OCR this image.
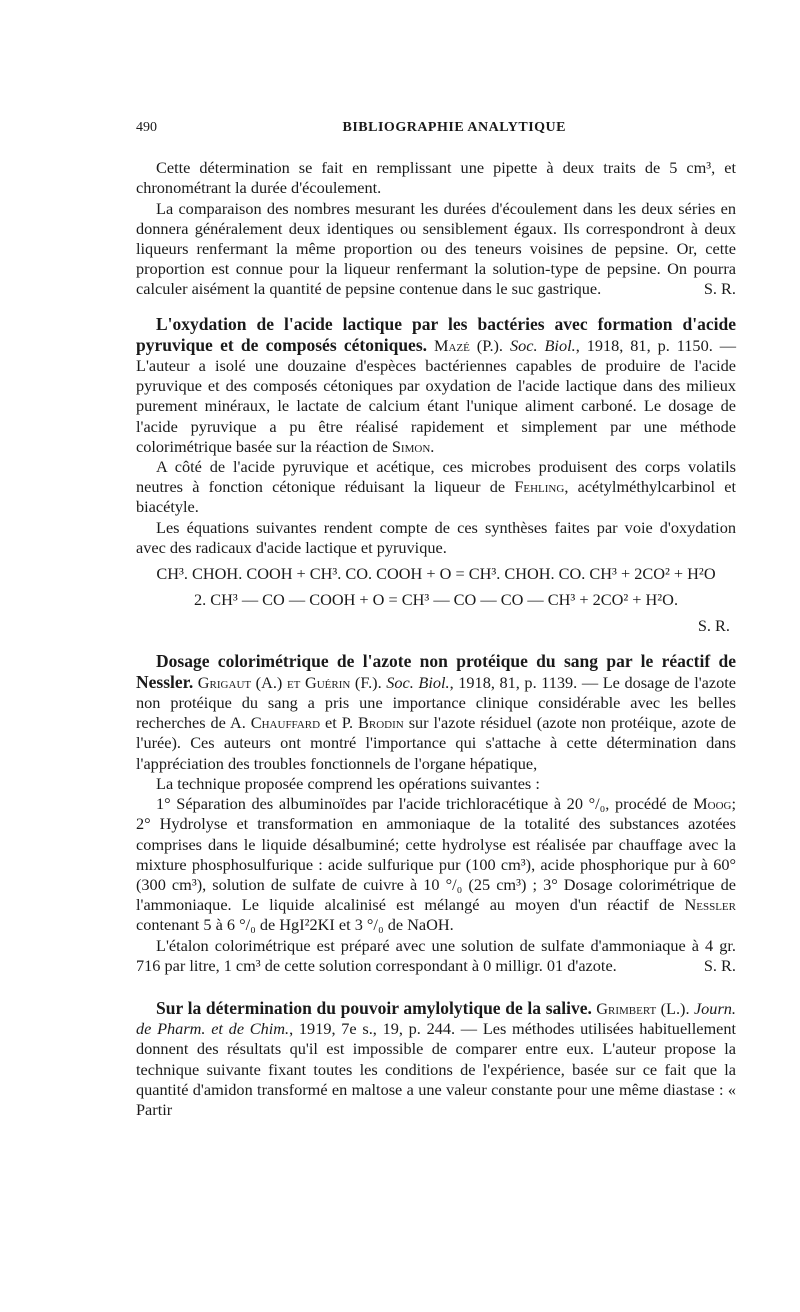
490	BIBLIOGRAPHIE ANALYTIQUE

Cette détermination se fait en remplissant une pipette à deux traits de 5 cm³, et chronométrant la durée d'écoulement.

La comparaison des nombres mesurant les durées d'écoulement dans les deux séries en donnera généralement deux identiques ou sensiblement égaux. Ils correspondront à deux liqueurs renfermant la même proportion ou des teneurs voisines de pepsine. Or, cette proportion est connue pour la liqueur renfermant la solution-type de pepsine. On pourra calculer aisément la quantité de pepsine contenue dans le suc gastrique.	S. R.

L'oxydation de l'acide lactique par les bactéries avec formation d'acide pyruvique et de composés cétoniques. Mazé (P.). Soc. Biol., 1918, 81, p. 1150. — L'auteur a isolé une douzaine d'espèces bactériennes capables de produire de l'acide pyruvique et des composés cétoniques par oxydation de l'acide lactique dans des milieux purement minéraux, le lactate de calcium étant l'unique aliment carboné. Le dosage de l'acide pyruvique a pu être réalisé rapidement et simplement par une méthode colorimétrique basée sur la réaction de Simon.

A côté de l'acide pyruvique et acétique, ces microbes produisent des corps volatils neutres à fonction cétonique réduisant la liqueur de Fehling, acétylméthylcarbinol et biacétyle.

Les équations suivantes rendent compte de ces synthèses faites par voie d'oxydation avec des radicaux d'acide lactique et pyruvique.

CH³. CHOH. COOH + CH³. CO. COOH + O = CH³. CHOH. CO. CH³ + 2CO² + H²O
2. CH³ — CO — COOH + O = CH³ — CO — CO — CH³ + 2CO² + H²O.

S. R.

Dosage colorimétrique de l'azote non protéique du sang par le réactif de Nessler. Grigaut (A.) et Guérin (F.). Soc. Biol., 1918, 81, p. 1139. — Le dosage de l'azote non protéique du sang a pris une importance clinique considérable avec les belles recherches de A. Chauffard et P. Brodin sur l'azote résiduel (azote non protéique, azote de l'urée). Ces auteurs ont montré l'importance qui s'attache à cette détermination dans l'appréciation des troubles fonctionnels de l'organe hépatique,

La technique proposée comprend les opérations suivantes :

1° Séparation des albuminoïdes par l'acide trichloracétique à 20 °/₀, procédé de Moog; 2° Hydrolyse et transformation en ammoniaque de la totalité des substances azotées comprises dans le liquide désalbuminé; cette hydrolyse est réalisée par chauffage avec la mixture phosphosulfurique : acide sulfurique pur (100 cm³), acide phosphorique pur à 60° (300 cm³), solution de sulfate de cuivre à 10 °/₀ (25 cm³) ; 3° Dosage colorimétrique de l'ammoniaque. Le liquide alcalinisé est mélangé au moyen d'un réactif de Nessler contenant 5 à 6 °/₀ de HgI²2KI et 3 °/₀ de NaOH.

L'étalon colorimétrique est préparé avec une solution de sulfate d'ammoniaque à 4 gr. 716 par litre, 1 cm³ de cette solution correspondant à 0 milligr. 01 d'azote.	S. R.

Sur la détermination du pouvoir amylolytique de la salive. Grimbert (L.). Journ. de Pharm. et de Chim., 1919, 7e s., 19, p. 244. — Les méthodes utilisées habituellement donnent des résultats qu'il est impossible de comparer entre eux. L'auteur propose la technique suivante fixant toutes les conditions de l'expérience, basée sur ce fait que la quantité d'amidon transformé en maltose a une valeur constante pour une même diastase : « Partir
